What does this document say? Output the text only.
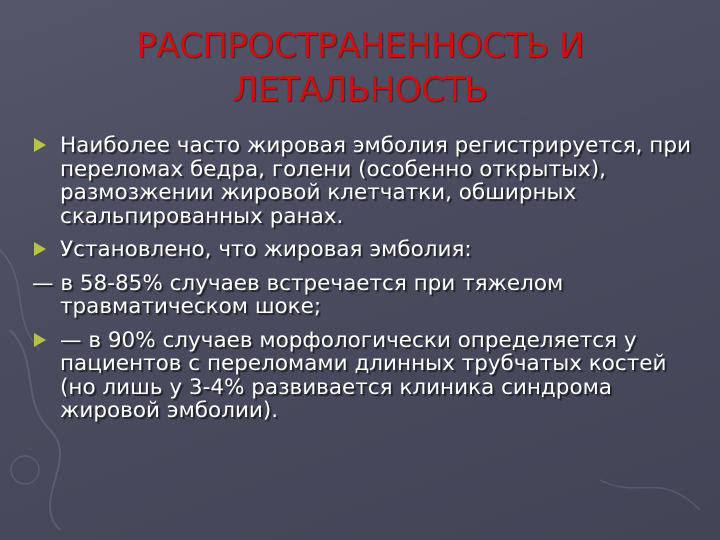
РАСПРОСТРАНЕННОСТЬ И
ЛЕТАЛЬНОСТЬ
Наиболее часто жировая эмболия регистрируется, при переломах бедра, голени (особенно открытых), размозжении жировой клетчатки, обширных скальпированных ранах.
Установлено, что жировая эмболия:
— в 58-85% случаев встречается при тяжелом травматическом шоке;
— в 90% случаев морфологически определяется у пациентов с переломами длинных трубчатых костей (но лишь у 3-4% развивается клиника синдрома жировой эмболии).
